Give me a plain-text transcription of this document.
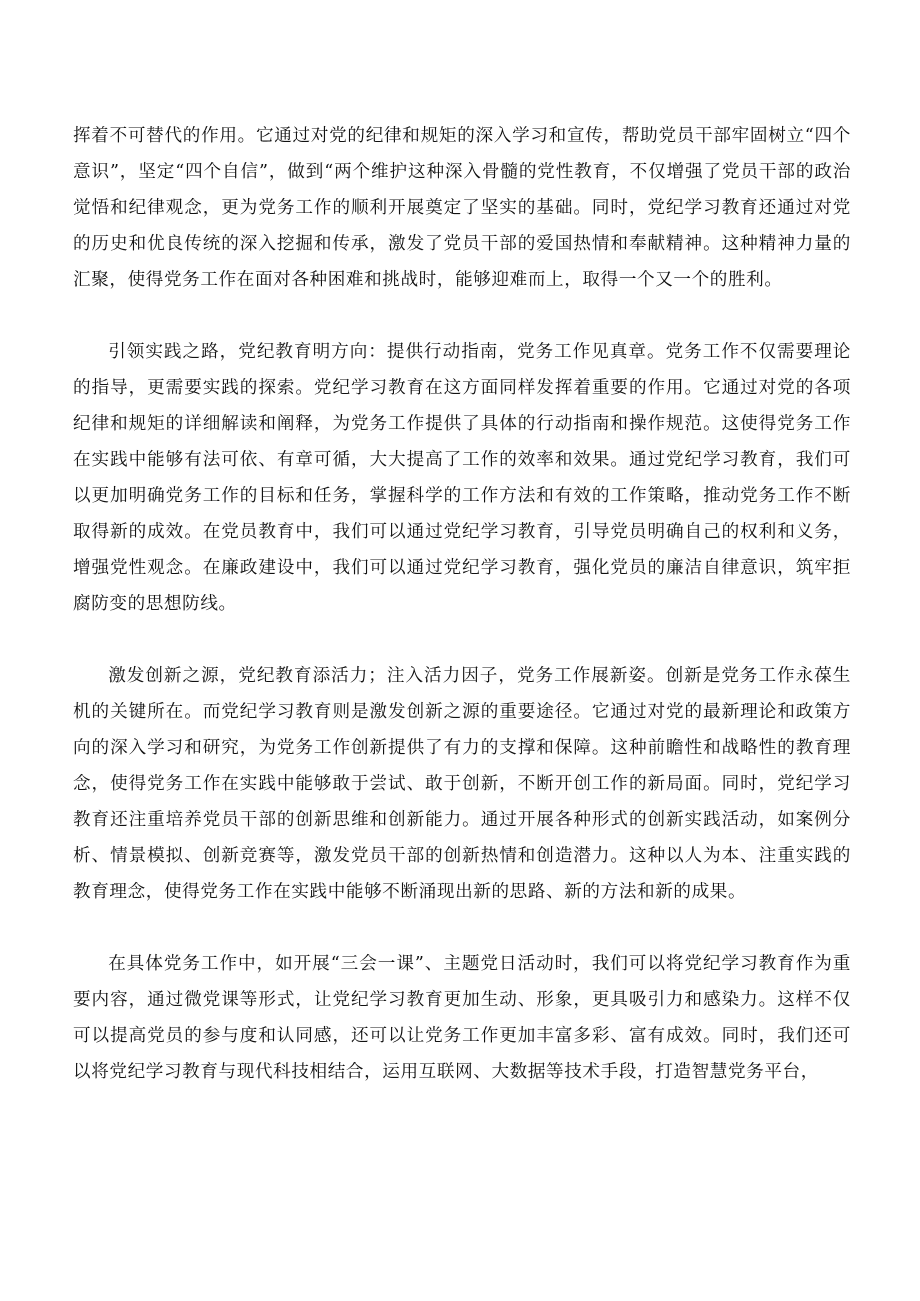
挥着不可替代的作用。它通过对党的纪律和规矩的深入学习和宣传，帮助党员干部牢固树立“四个意识”，坚定“四个自信”，做到“两个维护这种深入骨髓的党性教育，不仅增强了党员干部的政治觉悟和纪律观念，更为党务工作的顺利开展奠定了坚实的基础。同时，党纪学习教育还通过对党的历史和优良传统的深入挖掘和传承，激发了党员干部的爱国热情和奉献精神。这种精神力量的汇聚，使得党务工作在面对各种困难和挑战时，能够迎难而上，取得一个又一个的胜利。

引领实践之路，党纪教育明方向：提供行动指南，党务工作见真章。党务工作不仅需要理论的指导，更需要实践的探索。党纪学习教育在这方面同样发挥着重要的作用。它通过对党的各项纪律和规矩的详细解读和阐释，为党务工作提供了具体的行动指南和操作规范。这使得党务工作在实践中能够有法可依、有章可循，大大提高了工作的效率和效果。通过党纪学习教育，我们可以更加明确党务工作的目标和任务，掌握科学的工作方法和有效的工作策略，推动党务工作不断取得新的成效。在党员教育中，我们可以通过党纪学习教育，引导党员明确自己的权利和义务，增强党性观念。在廉政建设中，我们可以通过党纪学习教育，强化党员的廉洁自律意识，筑牢拒腐防变的思想防线。

激发创新之源，党纪教育添活力；注入活力因子，党务工作展新姿。创新是党务工作永葆生机的关键所在。而党纪学习教育则是激发创新之源的重要途径。它通过对党的最新理论和政策方向的深入学习和研究，为党务工作创新提供了有力的支撑和保障。这种前瞻性和战略性的教育理念，使得党务工作在实践中能够敢于尝试、敢于创新，不断开创工作的新局面。同时，党纪学习教育还注重培养党员干部的创新思维和创新能力。通过开展各种形式的创新实践活动，如案例分析、情景模拟、创新竞赛等，激发党员干部的创新热情和创造潜力。这种以人为本、注重实践的教育理念，使得党务工作在实践中能够不断涌现出新的思路、新的方法和新的成果。

在具体党务工作中，如开展“三会一课”、主题党日活动时，我们可以将党纪学习教育作为重要内容，通过微党课等形式，让党纪学习教育更加生动、形象，更具吸引力和感染力。这样不仅可以提高党员的参与度和认同感，还可以让党务工作更加丰富多彩、富有成效。同时，我们还可以将党纪学习教育与现代科技相结合，运用互联网、大数据等技术手段，打造智慧党务平台，
